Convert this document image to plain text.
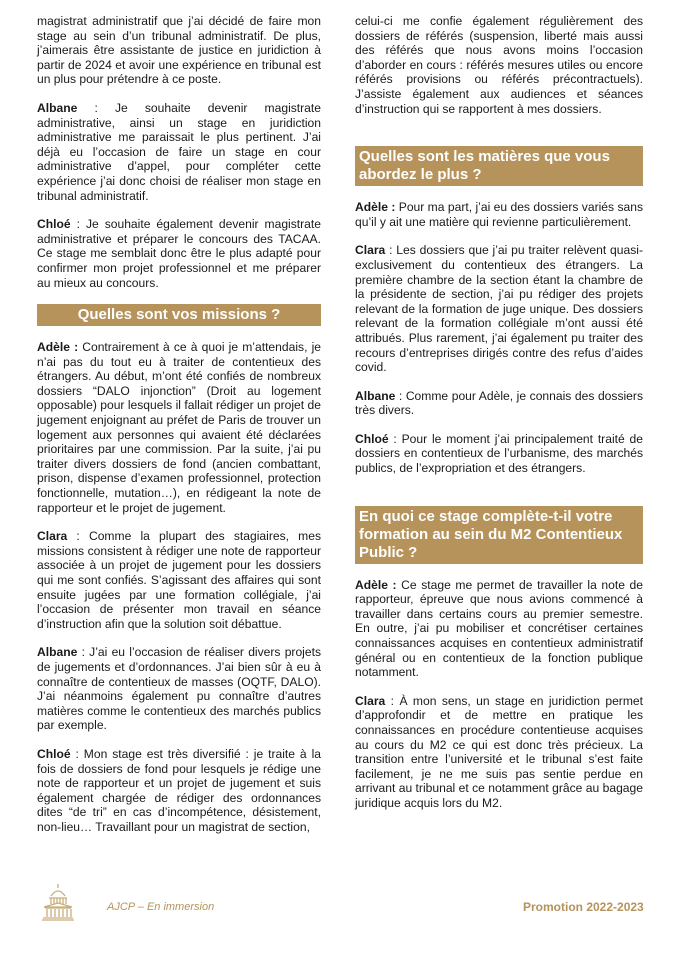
magistrat administratif que j’ai décidé de faire mon stage au sein d’un tribunal administratif. De plus, j’aimerais être assistante de justice en juridiction à partir de 2024 et avoir une expérience en tribunal est un plus pour prétendre à ce poste.

Albane : Je souhaite devenir magistrate administrative, ainsi un stage en juridiction administrative me paraissait le plus pertinent. J’ai déjà eu l’occasion de faire un stage en cour administrative d’appel, pour compléter cette expérience j’ai donc choisi de réaliser mon stage en tribunal administratif.

Chloé : Je souhaite également devenir magistrate administrative et préparer le concours des TACAA. Ce stage me semblait donc être le plus adapté pour confirmer mon projet professionnel et me préparer au mieux au concours.

Quelles sont vos missions ?

Adèle : Contrairement à ce à quoi je m’attendais, je n’ai pas du tout eu à traiter de contentieux des étrangers. Au début, m’ont été confiés de nombreux dossiers “DALO injonction” (Droit au logement opposable) pour lesquels il fallait rédiger un projet de jugement enjoignant au préfet de Paris de trouver un logement aux personnes qui avaient été déclarées prioritaires par une commission. Par la suite, j’ai pu traiter divers dossiers de fond (ancien combattant, prison, dispense d’examen professionnel, protection fonctionnelle, mutation…), en rédigeant la note de rapporteur et le projet de jugement.

Clara : Comme la plupart des stagiaires, mes missions consistent à rédiger une note de rapporteur associée à un projet de jugement pour les dossiers qui me sont confiés. S’agissant des affaires qui sont ensuite jugées par une formation collégiale, j’ai l’occasion de présenter mon travail en séance d’instruction afin que la solution soit débattue.

Albane : J’ai eu l’occasion de réaliser divers projets de jugements et d’ordonnances. J’ai bien sûr à eu à connaître de contentieux de masses (OQTF, DALO). J’ai néanmoins également pu connaître d’autres matières comme le contentieux des marchés publics par exemple.

Chloé : Mon stage est très diversifié : je traite à la fois de dossiers de fond pour lesquels je rédige une note de rapporteur et un projet de jugement et suis également chargée de rédiger des ordonnances dites “de tri” en cas d’incompétence, désistement, non-lieu… Travaillant pour un magistrat de section,

celui-ci me confie également régulièrement des dossiers de référés (suspension, liberté mais aussi des référés que nous avons moins l’occasion d’aborder en cours : référés mesures utiles ou encore référés provisions ou référés précontractuels). J’assiste également aux audiences et séances d’instruction qui se rapportent à mes dossiers.

Quelles sont les matières que vous abordez le plus ?

Adèle : Pour ma part, j’ai eu des dossiers variés sans qu’il y ait une matière qui revienne particulièrement.

Clara : Les dossiers que j’ai pu traiter relèvent quasi-exclusivement du contentieux des étrangers. La première chambre de la section étant la chambre de la présidente de section, j’ai pu rédiger des projets relevant de la formation de juge unique. Des dossiers relevant de la formation collégiale m’ont aussi été attribués. Plus rarement, j’ai également pu traiter des recours d’entreprises dirigés contre des refus d’aides covid.

Albane : Comme pour Adèle, je connais des dossiers très divers.

Chloé : Pour le moment j’ai principalement traité de dossiers en contentieux de l’urbanisme, des marchés publics, de l’expropriation et des étrangers.

En quoi ce stage complète-t-il votre formation au sein du M2 Contentieux Public ?

Adèle : Ce stage me permet de travailler la note de rapporteur, épreuve que nous avions commencé à travailler dans certains cours au premier semestre. En outre, j’ai pu mobiliser et concrétiser certaines connaissances acquises en contentieux administratif général ou en contentieux de la fonction publique notamment.

Clara : À mon sens, un stage en juridiction permet d’approfondir et de mettre en pratique les connaissances en procédure contentieuse acquises au cours du M2 ce qui est donc très précieux. La transition entre l’université et le tribunal s’est faite facilement, je ne me suis pas sentie perdue en arrivant au tribunal et ce notamment grâce au bagage juridique acquis lors du M2.

AJCP – En immersion	Promotion 2022-2023
